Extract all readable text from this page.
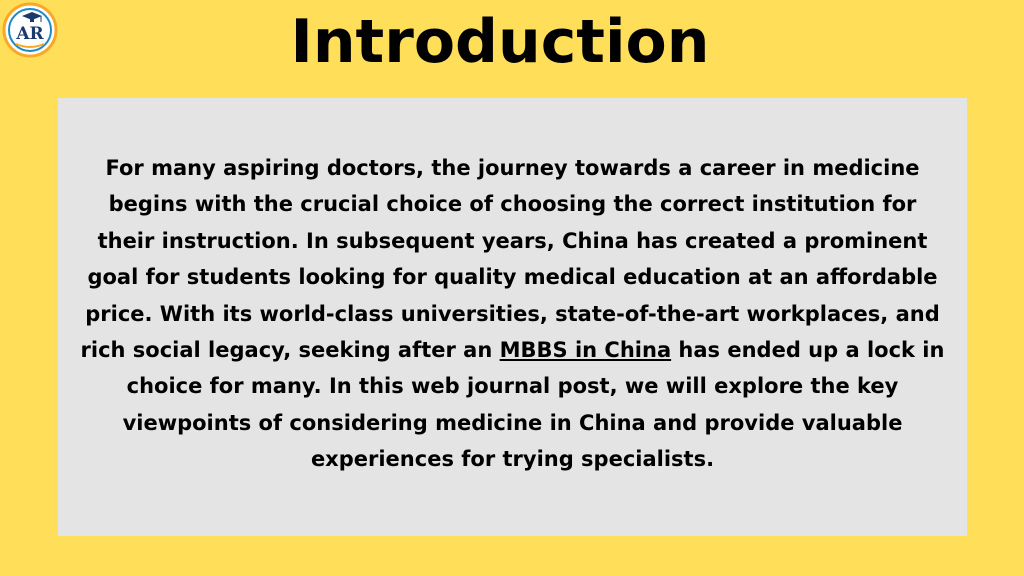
AR	Introduction

For many aspiring doctors, the journey towards a career in medicine begins with the crucial choice of choosing the correct institution for their instruction. In subsequent years, China has created a prominent goal for students looking for quality medical education at an affordable price. With its world-class universities, state-of-the-art workplaces, and rich social legacy, seeking after an MBBS in China has ended up a lock in choice for many. In this web journal post, we will explore the key viewpoints of considering medicine in China and provide valuable experiences for trying specialists.
